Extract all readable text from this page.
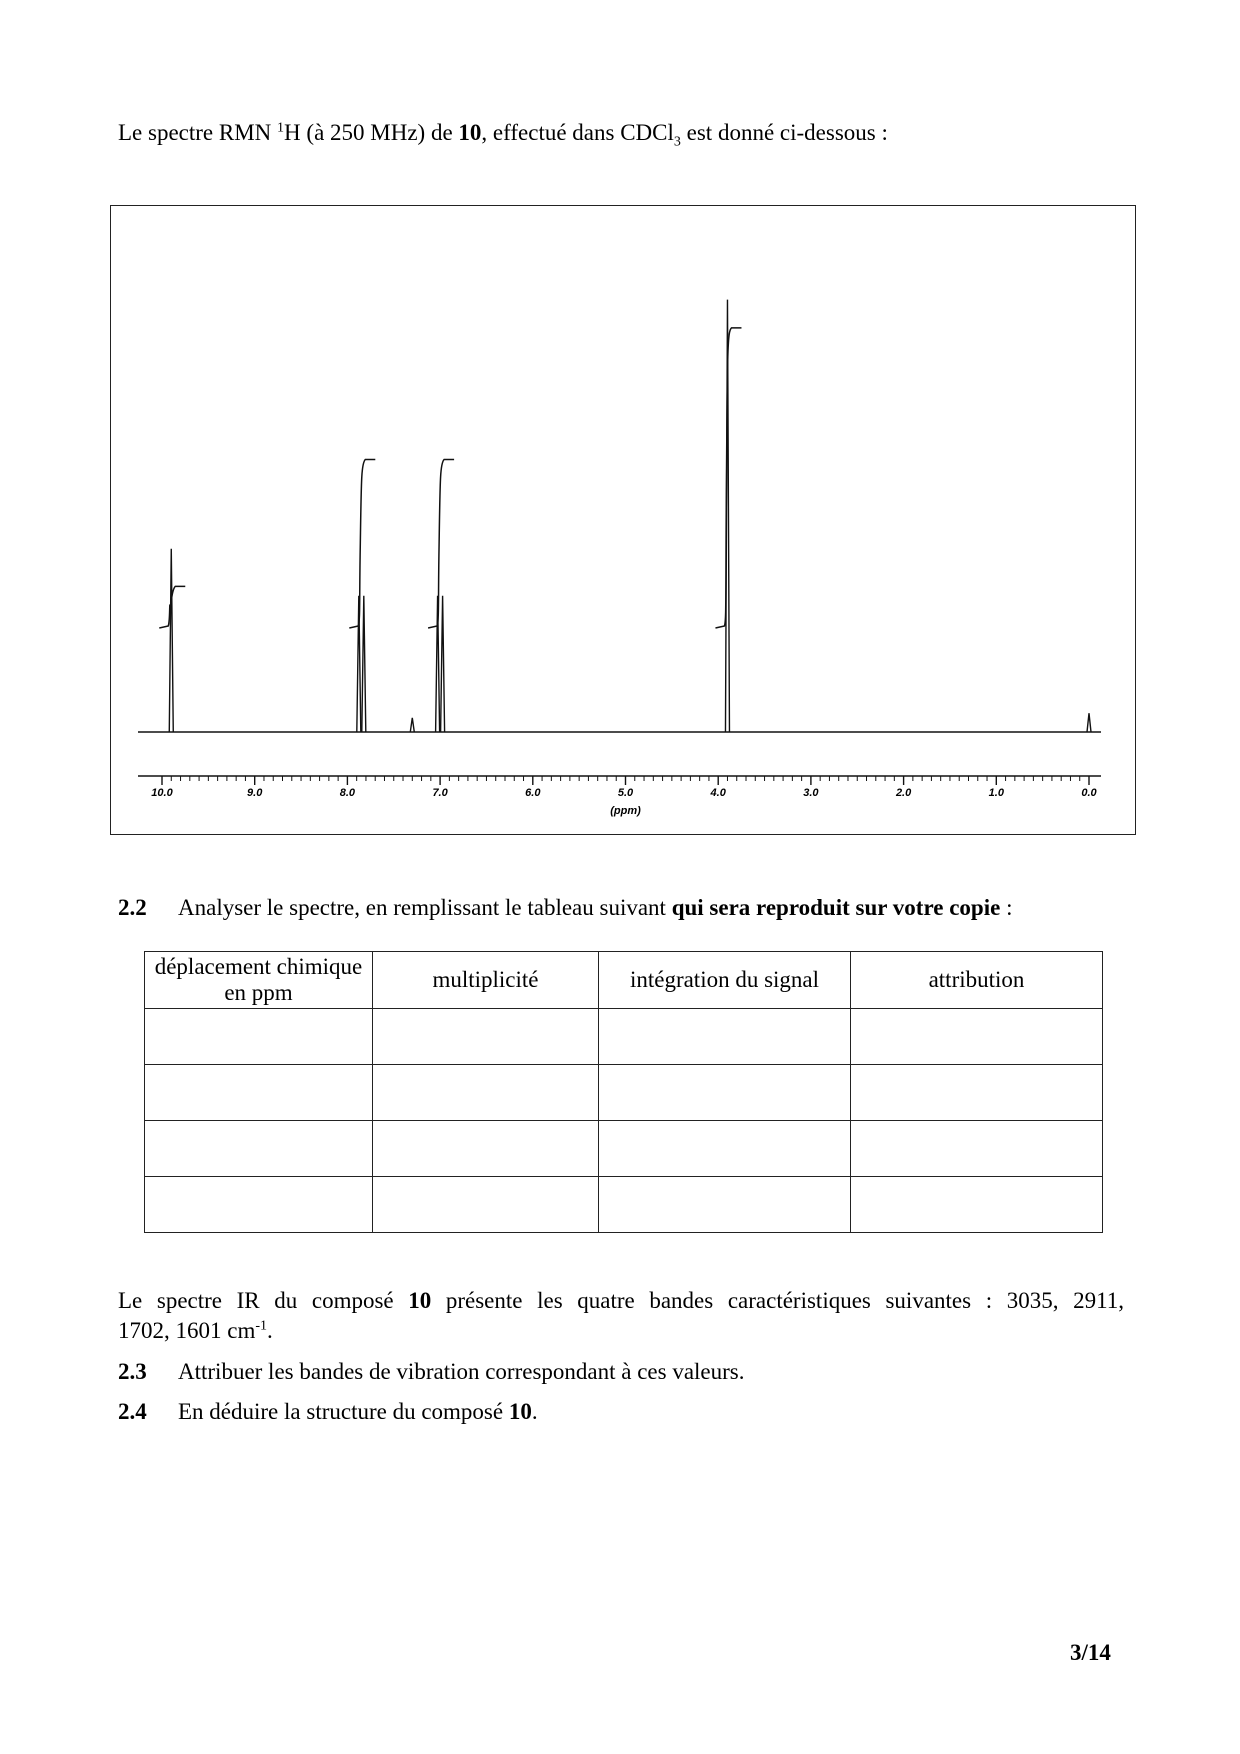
Le spectre RMN $^1$H (à 250 MHz) de 10, effectué dans CDCl$_3$ est donné ci-dessous :
10.0	9.0	8.0	7.0	6.0	5.0	4.0	3.0	2.0	1.0	0.0
(ppm)
2.2 Analyser le spectre, en remplissant le tableau suivant qui sera reproduit sur votre copie :
déplacement chimique en ppm	multiplicité	intégration du signal	attribution

Le spectre IR du composé 10 présente les quatre bandes caractéristiques suivantes : 3035, 2911,
1702, 1601 $cm^{-1}$.
2.3 Attribuer les bandes de vibration correspondant à ces valeurs.
2.4 En déduire la structure du composé 10.
3/14
